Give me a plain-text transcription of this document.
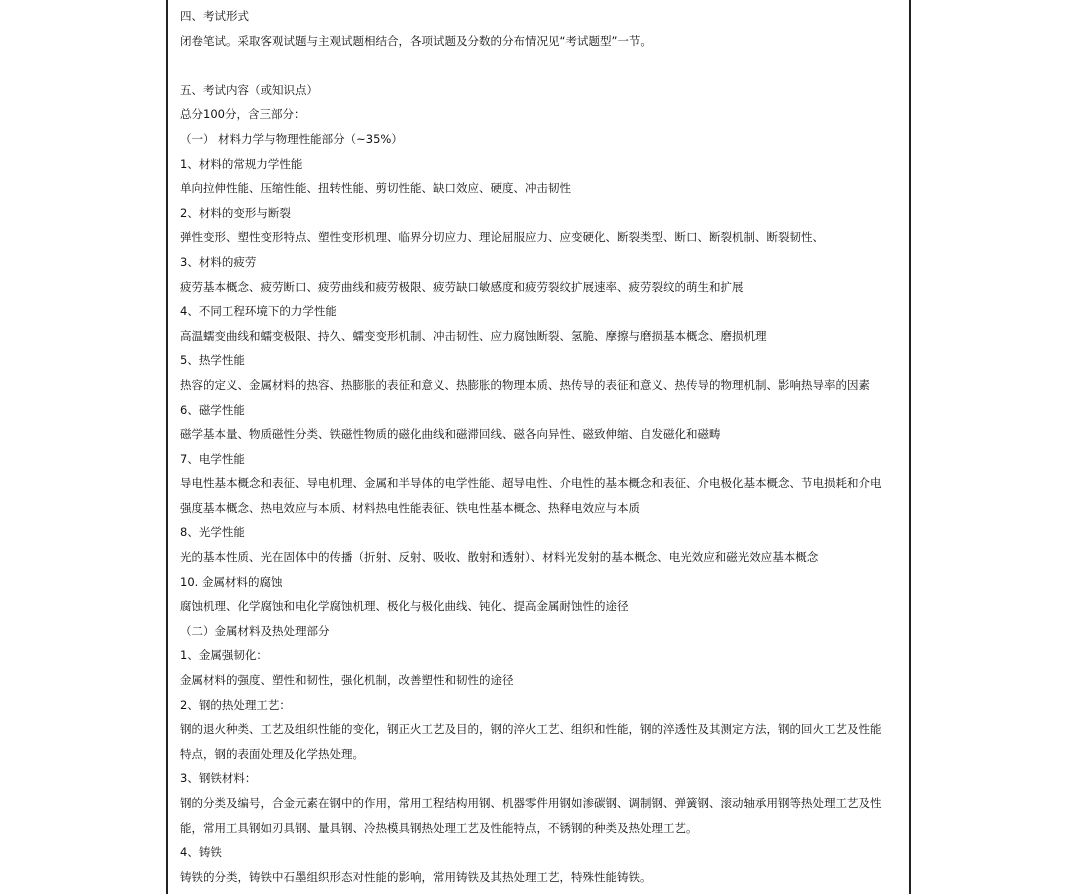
四、考试形式
闭卷笔试。采取客观试题与主观试题相结合，各项试题及分数的分布情况见“考试题型”一节。
五、考试内容（或知识点）
总分100分，含三部分：
（一） 材料力学与物理性能部分（~35%）
1、材料的常规力学性能
单向拉伸性能、压缩性能、扭转性能、剪切性能、缺口效应、硬度、冲击韧性
2、材料的变形与断裂
弹性变形、塑性变形特点、塑性变形机理、临界分切应力、理论屈服应力、应变硬化、断裂类型、断口、断裂机制、断裂韧性、
3、材料的疲劳
疲劳基本概念、疲劳断口、疲劳曲线和疲劳极限、疲劳缺口敏感度和疲劳裂纹扩展速率、疲劳裂纹的萌生和扩展
4、不同工程环境下的力学性能
高温蠕变曲线和蠕变极限、持久、蠕变变形机制、冲击韧性、应力腐蚀断裂、氢脆、摩擦与磨损基本概念、磨损机理
5、热学性能
热容的定义、金属材料的热容、热膨胀的表征和意义、热膨胀的物理本质、热传导的表征和意义、热传导的物理机制、影响热导率的因素
6、磁学性能
磁学基本量、物质磁性分类、铁磁性物质的磁化曲线和磁滞回线、磁各向异性、磁致伸缩、自发磁化和磁畴
7、电学性能
导电性基本概念和表征、导电机理、金属和半导体的电学性能、超导电性、介电性的基本概念和表征、介电极化基本概念、节电损耗和介电
强度基本概念、热电效应与本质、材料热电性能表征、铁电性基本概念、热释电效应与本质
8、光学性能
光的基本性质、光在固体中的传播（折射、反射、吸收、散射和透射）、材料光发射的基本概念、电光效应和磁光效应基本概念
10. 金属材料的腐蚀
腐蚀机理、化学腐蚀和电化学腐蚀机理、极化与极化曲线、钝化、提高金属耐蚀性的途径
（二）金属材料及热处理部分
1、金属强韧化：
金属材料的强度、塑性和韧性，强化机制，改善塑性和韧性的途径
2、钢的热处理工艺：
钢的退火种类、工艺及组织性能的变化，钢正火工艺及目的，钢的淬火工艺、组织和性能，钢的淬透性及其测定方法，钢的回火工艺及性能
特点，钢的表面处理及化学热处理。
3、钢铁材料：
钢的分类及编号，合金元素在钢中的作用，常用工程结构用钢、机器零件用钢如渗碳钢、调制钢、弹簧钢、滚动轴承用钢等热处理工艺及性
能，常用工具钢如刃具钢、量具钢、冷热模具钢热处理工艺及性能特点，不锈钢的种类及热处理工艺。
4、铸铁
铸铁的分类，铸铁中石墨组织形态对性能的影响，常用铸铁及其热处理工艺，特殊性能铸铁。
